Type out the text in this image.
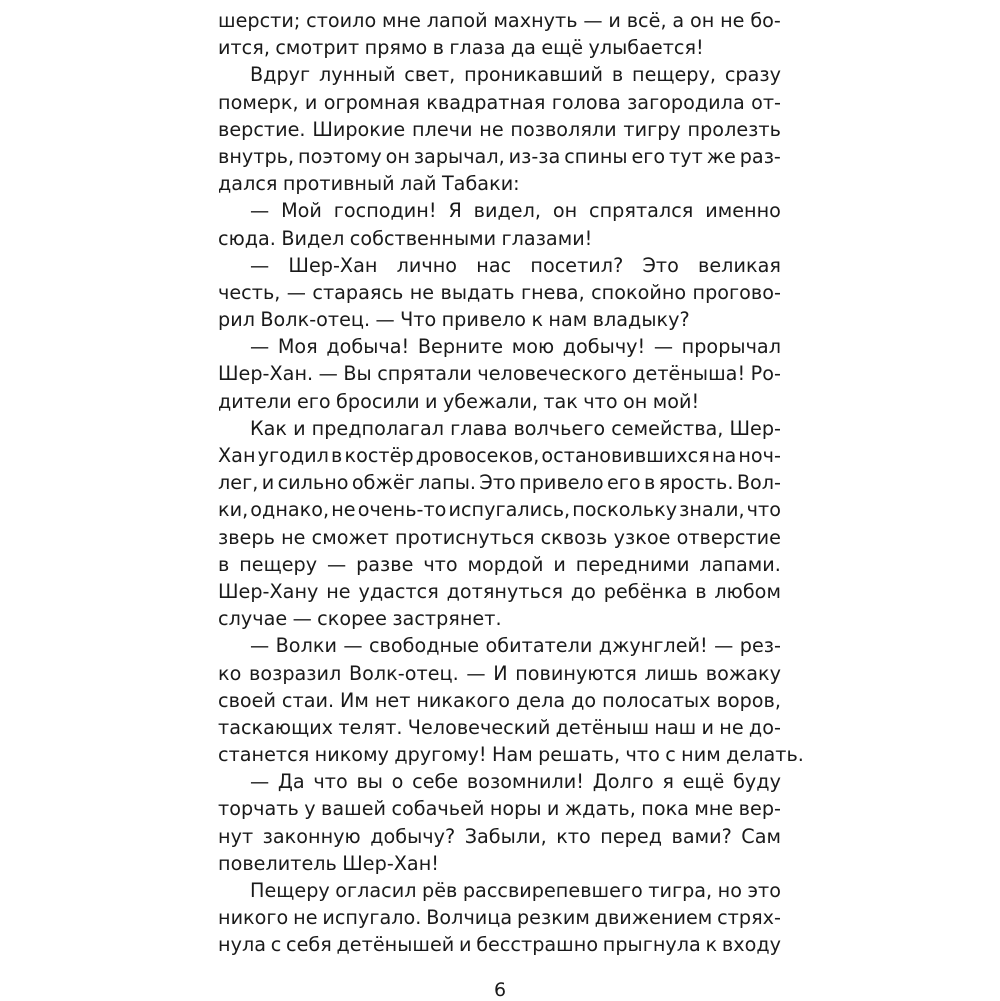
шерсти; стоило мне лапой махнуть — и всё, а он не бо-
ится, смотрит прямо в глаза да ещё улыбается!
Вдруг лунный свет, проникавший в пещеру, сразу
померк, и огромная квадратная голова загородила от-
верстие. Широкие плечи не позволяли тигру пролезть
внутрь, поэтому он зарычал, из-за спины его тут же раз-
дался противный лай Табаки:
— Мой господин! Я видел, он спрятался именно
сюда. Видел собственными глазами!
— Шер-Хан лично нас посетил? Это великая
честь, — стараясь не выдать гнева, спокойно прогово-
рил Волк-отец. — Что привело к нам владыку?
— Моя добыча! Верните мою добычу! — прорычал
Шер-Хан. — Вы спрятали человеческого детёныша! Ро-
дители его бросили и убежали, так что он мой!
Как и предполагал глава волчьего семейства, Шер-
Хан угодил в костёр дровосеков, остановившихся на ноч-
лег, и сильно обжёг лапы. Это привело его в ярость. Вол-
ки, однако, не очень-то испугались, поскольку знали, что
зверь не сможет протиснуться сквозь узкое отверстие
в пещеру — разве что мордой и передними лапами.
Шер-Хану не удастся дотянуться до ребёнка в любом
случае — скорее застрянет.
— Волки — свободные обитатели джунглей! — рез-
ко возразил Волк-отец. — И повинуются лишь вожаку
своей стаи. Им нет никакого дела до полосатых воров,
таскающих телят. Человеческий детёныш наш и не до-
станется никому другому! Нам решать, что с ним делать.
— Да что вы о себе возомнили! Долго я ещё буду
торчать у вашей собачьей норы и ждать, пока мне вер-
нут законную добычу? Забыли, кто перед вами? Сам
повелитель Шер-Хан!
Пещеру огласил рёв рассвирепевшего тигра, но это
никого не испугало. Волчица резким движением стрях-
нула с себя детёнышей и бесстрашно прыгнула к входу
6
